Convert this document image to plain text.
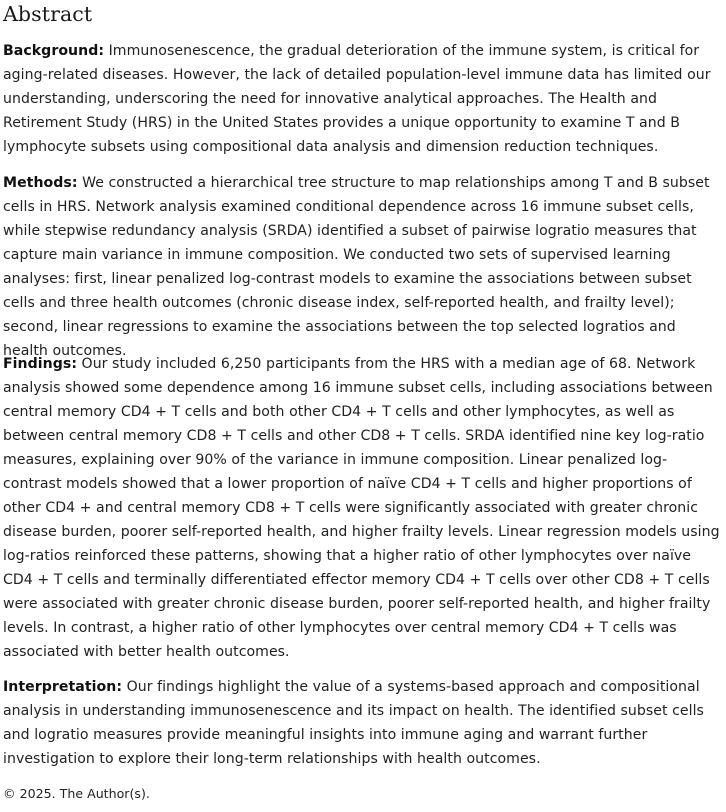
Abstract

Background: Immunosenescence, the gradual deterioration of the immune system, is critical for aging-related diseases. However, the lack of detailed population-level immune data has limited our understanding, underscoring the need for innovative analytical approaches. The Health and Retirement Study (HRS) in the United States provides a unique opportunity to examine T and B lymphocyte subsets using compositional data analysis and dimension reduction techniques.

Methods: We constructed a hierarchical tree structure to map relationships among T and B subset cells in HRS. Network analysis examined conditional dependence across 16 immune subset cells, while stepwise redundancy analysis (SRDA) identified a subset of pairwise logratio measures that capture main variance in immune composition. We conducted two sets of supervised learning analyses: first, linear penalized log-contrast models to examine the associations between subset cells and three health outcomes (chronic disease index, self-reported health, and frailty level); second, linear regressions to examine the associations between the top selected logratios and health outcomes.

Findings: Our study included 6,250 participants from the HRS with a median age of 68. Network analysis showed some dependence among 16 immune subset cells, including associations between central memory CD4 + T cells and both other CD4 + T cells and other lymphocytes, as well as between central memory CD8 + T cells and other CD8 + T cells. SRDA identified nine key log-ratio measures, explaining over 90% of the variance in immune composition. Linear penalized log-contrast models showed that a lower proportion of naïve CD4 + T cells and higher proportions of other CD4 + and central memory CD8 + T cells were significantly associated with greater chronic disease burden, poorer self-reported health, and higher frailty levels. Linear regression models using log-ratios reinforced these patterns, showing that a higher ratio of other lymphocytes over naïve CD4 + T cells and terminally differentiated effector memory CD4 + T cells over other CD8 + T cells were associated with greater chronic disease burden, poorer self-reported health, and higher frailty levels. In contrast, a higher ratio of other lymphocytes over central memory CD4 + T cells was associated with better health outcomes.

Interpretation: Our findings highlight the value of a systems-based approach and compositional analysis in understanding immunosenescence and its impact on health. The identified subset cells and logratio measures provide meaningful insights into immune aging and warrant further investigation to explore their long-term relationships with health outcomes.

© 2025. The Author(s).
